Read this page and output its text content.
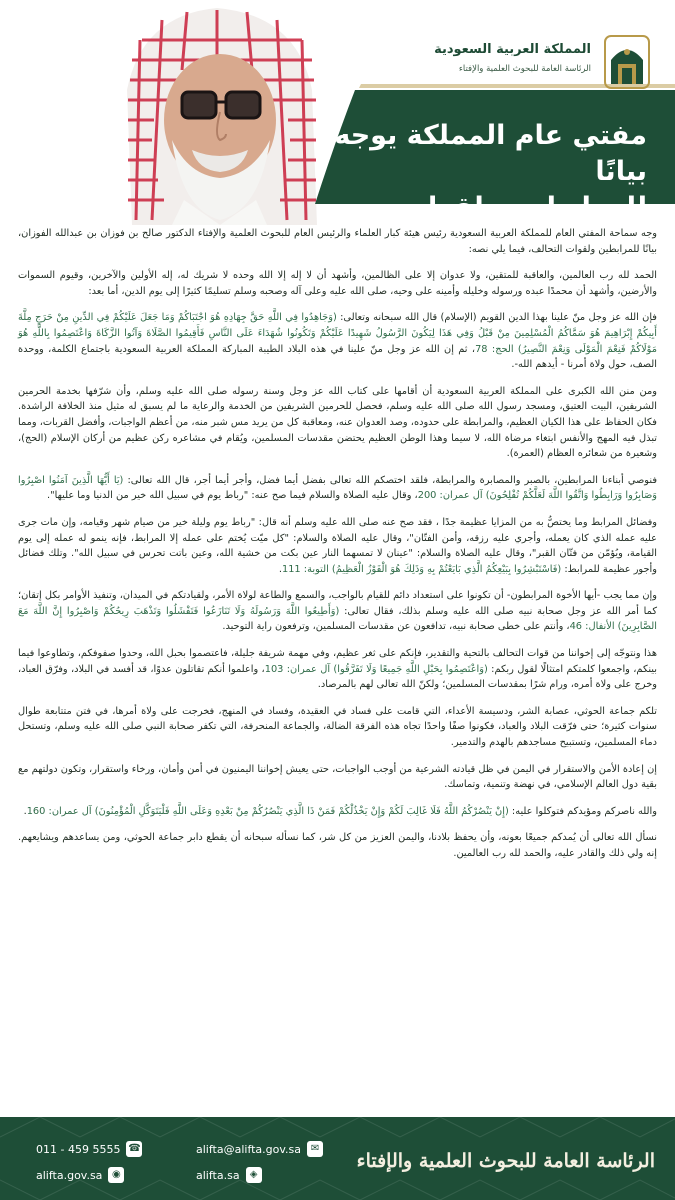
المملكة العربية السعودية
الرئاسة العامة للبحوث العلمية والإفتاء
مفتي عام المملكة يوجه بيانًا
للمرابطين ولقوات

وجه سماحة المفتي العام للمملكة العربية السعودية رئيس هيئة كبار العلماء والرئيس العام للبحوث العلمية والإفتاء الدكتور صالح بن فوزان بن عبدالله الفوزان، بيانًا للمرابطين ولقوات التحالف، فيما يلي نصه:

الحمد لله رب العالمين، والعاقبة للمتقين، ولا عدوان إلا على الظالمين، وأشهد أن لا إله إلا الله وحده لا شريك له، إله الأولين والآخرين، وقيوم السموات والأرضين، وأشهد أن محمدًا عبده ورسوله وخليله وأمينه على وحيه، صلى الله عليه وعلى آله وصحبه وسلم تسليمًا كثيرًا إلى يوم الدين، أما بعد:

فإن الله عز وجل منّ علينا بهذا الدين القويم (الإسلام) قال الله سبحانه وتعالى: (وَجَاهِدُوا فِي اللَّهِ حَقَّ جِهَادِهِ هُوَ اجْتَبَاكُمْ وَمَا جَعَلَ عَلَيْكُمْ فِي الدِّينِ مِنْ حَرَجٍ مِلَّةَ أَبِيكُمْ إِبْرَاهِيمَ هُوَ سَمَّاكُمُ الْمُسْلِمِينَ مِنْ قَبْلُ وَفِي هَذَا لِيَكُونَ الرَّسُولُ شَهِيدًا عَلَيْكُمْ وَتَكُونُوا شُهَدَاءَ عَلَى النَّاسِ فَأَقِيمُوا الصَّلَاةَ وَآتُوا الزَّكَاةَ وَاعْتَصِمُوا بِاللَّهِ هُوَ مَوْلَاكُمْ فَنِعْمَ الْمَوْلَى وَنِعْمَ النَّصِيرُ) الحج: 78، ثم إن الله عز وجل منّ علينا في هذه البلاد الطيبة المباركة المملكة العربية السعودية باجتماع الكلمة، ووحدة الصف، حول ولاة أمرنا - أيدهم الله-.

ومن منن الله الكبرى على المملكة العربية السعودية أن أقامها على كتاب الله عز وجل وسنة رسوله صلى الله عليه وسلم، وأن شرّفها بخدمة الحرمين الشريفين، البيت العتيق، ومسجد رسول الله صلى الله عليه وسلم، فحصل للحرمين الشريفين من الخدمة والرعاية ما لم يسبق له مثيل منذ الخلافة الراشدة. فكان الحفاظ على هذا الكيان العظيم، والمرابطة على حدوده، وصد العدوان عنه، ومعاقبة كل من يريد مس شبر منه، من أعظم الواجبات، وأفضل القربات، ومما تبذل فيه المهج والأنفس ابتغاء مرضاة الله، لا سيما وهذا الوطن العظيم يحتضن مقدسات المسلمين، ويُقام في مشاعره ركن عظيم من أركان الإسلام (الحج)، وشعيرة من شعائره العظام (العمرة).

فنوصي أبناءنا المرابطين، بالصبر والمصابرة والمرابطة، فلقد اختصكم الله تعالى بفضل أيما فضل، وأجر أيما أجر، قال الله تعالى: (يَا أَيُّهَا الَّذِينَ آمَنُوا اصْبِرُوا وَصَابِرُوا وَرَابِطُوا وَاتَّقُوا اللَّهَ لَعَلَّكُمْ تُفْلِحُونَ) آل عمران: 200، وقال عليه الصلاة والسلام فيما صح عنه: "رباط يوم في سبيل الله خير من الدنيا وما عليها".

وفضائل المرابط وما يختصُّ به من المزايا عظيمة جدًا ، فقد صح عنه صلى الله عليه وسلم أنه قال: "رباط يوم وليلة خير من صيام شهر وقيامه، وإن مات جرى عليه عمله الذي كان يعمله، وأجري عليه رزقه، وأمن الفتّان"، وقال عليه الصلاة والسلام: "كل ميّت يُختم على عمله إلا المرابط، فإنه ينمو له عمله إلى يوم القيامة، ويُؤمّن من فتّان القبر"، وقال عليه الصلاة والسلام: "عينان لا تمسهما النار عين بكت من خشية الله، وعين باتت تحرس في سبيل الله". وتلك فضائل وأجور عظيمة للمرابط: (فَاسْتَبْشِرُوا بِبَيْعِكُمُ الَّذِي بَايَعْتُمْ بِهِ وَذَلِكَ هُوَ الْفَوْزُ الْعَظِيمُ) التوبة: 111.

وإن مما يجب -أيها الأخوة المرابطون- أن تكونوا على استعداد دائم للقيام بالواجب، والسمع والطاعة لولاة الأمر، ولقيادتكم في الميدان، وتنفيذ الأوامر بكل إتقان؛ كما أمر الله عز وجل صحابة نبيه صلى الله عليه وسلم بذلك، فقال تعالى: (وَأَطِيعُوا اللَّهَ وَرَسُولَهُ وَلَا تَنَازَعُوا فَتَفْشَلُوا وَتَذْهَبَ رِيحُكُمْ وَاصْبِرُوا إِنَّ اللَّهَ مَعَ الصَّابِرِينَ) الأنفال: 46، وأنتم على خطى صحابة نبيه، تدافعون عن مقدسات المسلمين، وترفعون راية التوحيد.

هذا ونتوجّه إلى إخواننا من قوات التحالف بالتحية والتقدير، فإنكم على ثغر عظيم، وفي مهمة شريفة جليلة، فاعتصموا بحبل الله، وحدوا صفوفكم، وتطاوعوا فيما بينكم، واجمعوا كلمتكم امتثالًا لقول ربكم: (وَاعْتَصِمُوا بِحَبْلِ اللَّهِ جَمِيعًا وَلَا تَفَرَّقُوا) آل عمران: 103، واعلموا أنكم تقاتلون عدوًا، قد أفسد في البلاد، وفرّق العباد، وخرج على ولاة أمره، ورام شرًا بمقدسات المسلمين؛ ولكنّ الله تعالى لهم بالمرصاد.

تلكم جماعة الحوثي، عصابة الشر، ودسيسة الأعداء، التي قامت على فساد في العقيدة، وفساد في المنهج، فخرجت على ولاة أمرها، في فتن متتابعة طوال سنوات كثيرة؛ حتى فرّقت البلاد والعباد، فكونوا صفًا واحدًا تجاه هذه الفرقة الضالة، والجماعة المنحرفة، التي تكفر صحابة النبي صلى الله عليه وسلم، وتستحل دماء المسلمين، وتستبيح مساجدهم بالهدم والتدمير.

إن إعادة الأمن والاستقرار في اليمن في ظل قيادته الشرعية من أوجب الواجبات، حتى يعيش إخواننا اليمنيون في أمن وأمان، ورخاء واستقرار، وتكون دولتهم مع بقية دول العالم الإسلامي، في نهضة وتنمية، وتماسك.

والله ناصركم ومؤيدكم فتوكلوا عليه: (إِنْ يَنْصُرْكُمُ اللَّهُ فَلَا غَالِبَ لَكُمْ وَإِنْ يَخْذُلْكُمْ فَمَنْ ذَا الَّذِي يَنْصُرُكُمْ مِنْ بَعْدِهِ وَعَلَى اللَّهِ فَلْيَتَوَكَّلِ الْمُؤْمِنُونَ) آل عمران: 160.

نسأل الله تعالى أن يُمدكم جميعًا بعونه، وأن يحفظ بلادنا، واليمن العزيز من كل شر، كما نسأله سبحانه أن يقطع دابر جماعة الحوثي، ومن يساعدهم ويشايعهم. إنه ولي ذلك والقادر عليه، والحمد لله رب العالمين.

الرئاسة العامة للبحوث العلمية والإفتاء
☎
011 - 459 5555	✉
alifta@alifta.gov.sa
◉
alifta.gov.sa	◈
alifta.sa
